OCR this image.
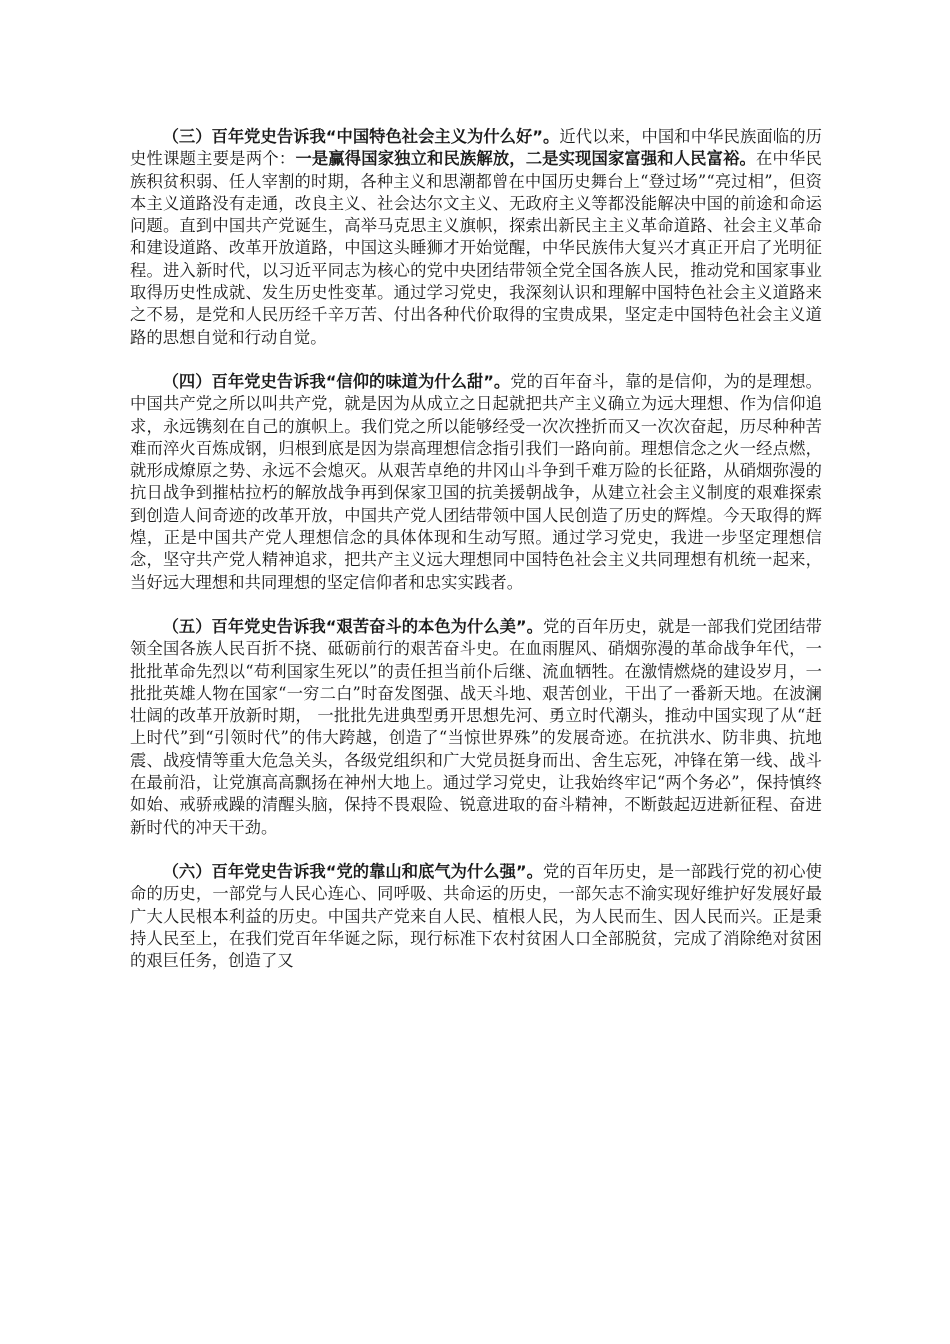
（三）百年党史告诉我“中国特色社会主义为什么好”。近代以来，中国和中华民族面临的历史性课题主要是两个：一是赢得国家独立和民族解放，二是实现国家富强和人民富裕。在中华民族积贫积弱、任人宰割的时期，各种主义和思潮都曾在中国历史舞台上“登过场”“亮过相”，但资本主义道路没有走通，改良主义、社会达尔文主义、无政府主义等都没能解决中国的前途和命运问题。直到中国共产党诞生，高举马克思主义旗帜，探索出新民主主义革命道路、社会主义革命和建设道路、改革开放道路，中国这头睡狮才开始觉醒，中华民族伟大复兴才真正开启了光明征程。进入新时代，以习近平同志为核心的党中央团结带领全党全国各族人民，推动党和国家事业取得历史性成就、发生历史性变革。通过学习党史，我深刻认识和理解中国特色社会主义道路来之不易，是党和人民历经千辛万苦、付出各种代价取得的宝贵成果，坚定走中国特色社会主义道路的思想自觉和行动自觉。

（四）百年党史告诉我“信仰的味道为什么甜”。党的百年奋斗，靠的是信仰，为的是理想。中国共产党之所以叫共产党，就是因为从成立之日起就把共产主义确立为远大理想、作为信仰追求，永远镌刻在自己的旗帜上。我们党之所以能够经受一次次挫折而又一次次奋起，历尽种种苦难而淬火百炼成钢，归根到底是因为崇高理想信念指引我们一路向前。理想信念之火一经点燃，就形成燎原之势、永远不会熄灭。从艰苦卓绝的井冈山斗争到千难万险的长征路，从硝烟弥漫的抗日战争到摧枯拉朽的解放战争再到保家卫国的抗美援朝战争，从建立社会主义制度的艰难探索到创造人间奇迹的改革开放，中国共产党人团结带领中国人民创造了历史的辉煌。今天取得的辉煌，正是中国共产党人理想信念的具体体现和生动写照。通过学习党史，我进一步坚定理想信念，坚守共产党人精神追求，把共产主义远大理想同中国特色社会主义共同理想有机统一起来，当好远大理想和共同理想的坚定信仰者和忠实实践者。

（五）百年党史告诉我“艰苦奋斗的本色为什么美”。党的百年历史，就是一部我们党团结带领全国各族人民百折不挠、砥砺前行的艰苦奋斗史。在血雨腥风、硝烟弥漫的革命战争年代，一批批革命先烈以“苟利国家生死以”的责任担当前仆后继、流血牺牲。在激情燃烧的建设岁月，一批批英雄人物在国家“一穷二白”时奋发图强、战天斗地、艰苦创业，干出了一番新天地。在波澜壮阔的改革开放新时期， 一批批先进典型勇开思想先河、勇立时代潮头，推动中国实现了从“赶上时代”到“引领时代”的伟大跨越，创造了“当惊世界殊”的发展奇迹。在抗洪水、防非典、抗地震、战疫情等重大危急关头，各级党组织和广大党员挺身而出、舍生忘死，冲锋在第一线、战斗在最前沿，让党旗高高飘扬在神州大地上。通过学习党史，让我始终牢记“两个务必”，保持慎终如始、戒骄戒躁的清醒头脑，保持不畏艰险、锐意进取的奋斗精神，不断鼓起迈进新征程、奋进新时代的冲天干劲。

（六）百年党史告诉我“党的靠山和底气为什么强”。党的百年历史，是一部践行党的初心使命的历史，一部党与人民心连心、同呼吸、共命运的历史，一部矢志不渝实现好维护好发展好最广大人民根本利益的历史。中国共产党来自人民、植根人民，为人民而生、因人民而兴。正是秉持人民至上，在我们党百年华诞之际，现行标准下农村贫困人口全部脱贫，完成了消除绝对贫困的艰巨任务，创造了又
